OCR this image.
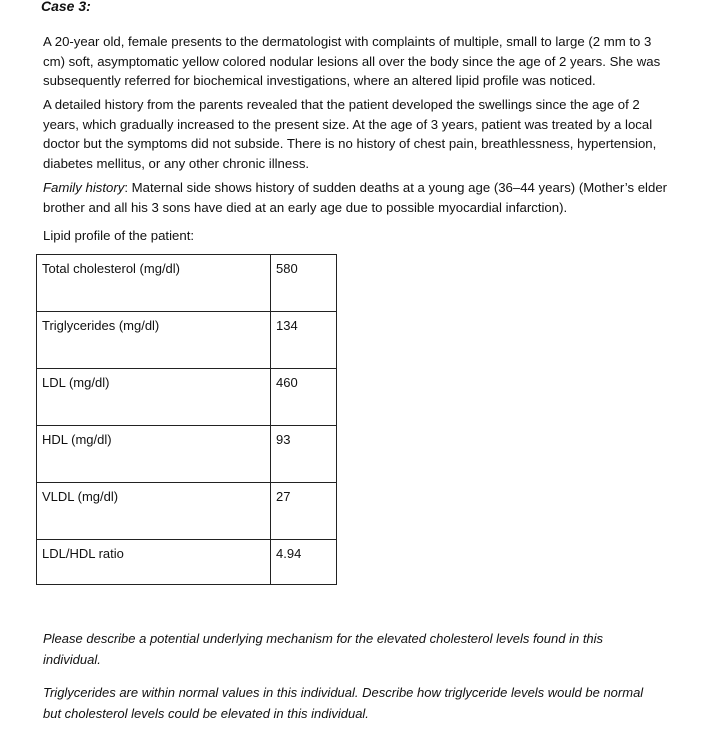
Case 3:

A 20-year old, female presents to the dermatologist with complaints of multiple, small to large (2 mm to 3 cm) soft, asymptomatic yellow colored nodular lesions all over the body since the age of 2 years. She was subsequently referred for biochemical investigations, where an altered lipid profile was noticed.

A detailed history from the parents revealed that the patient developed the swellings since the age of 2 years, which gradually increased to the present size. At the age of 3 years, patient was treated by a local doctor but the symptoms did not subside. There is no history of chest pain, breathlessness, hypertension, diabetes mellitus, or any other chronic illness.

Family history: Maternal side shows history of sudden deaths at a young age (36–44 years) (Mother’s elder brother and all his 3 sons have died at an early age due to possible myocardial infarction).

Lipid profile of the patient:

Total cholesterol (mg/dl)	580
Triglycerides (mg/dl)	134
LDL (mg/dl)	460
HDL (mg/dl)	93
VLDL (mg/dl)	27
LDL/HDL ratio	4.94

Please describe a potential underlying mechanism for the elevated cholesterol levels found in this individual.

Triglycerides are within normal values in this individual. Describe how triglyceride levels would be normal but cholesterol levels could be elevated in this individual.
